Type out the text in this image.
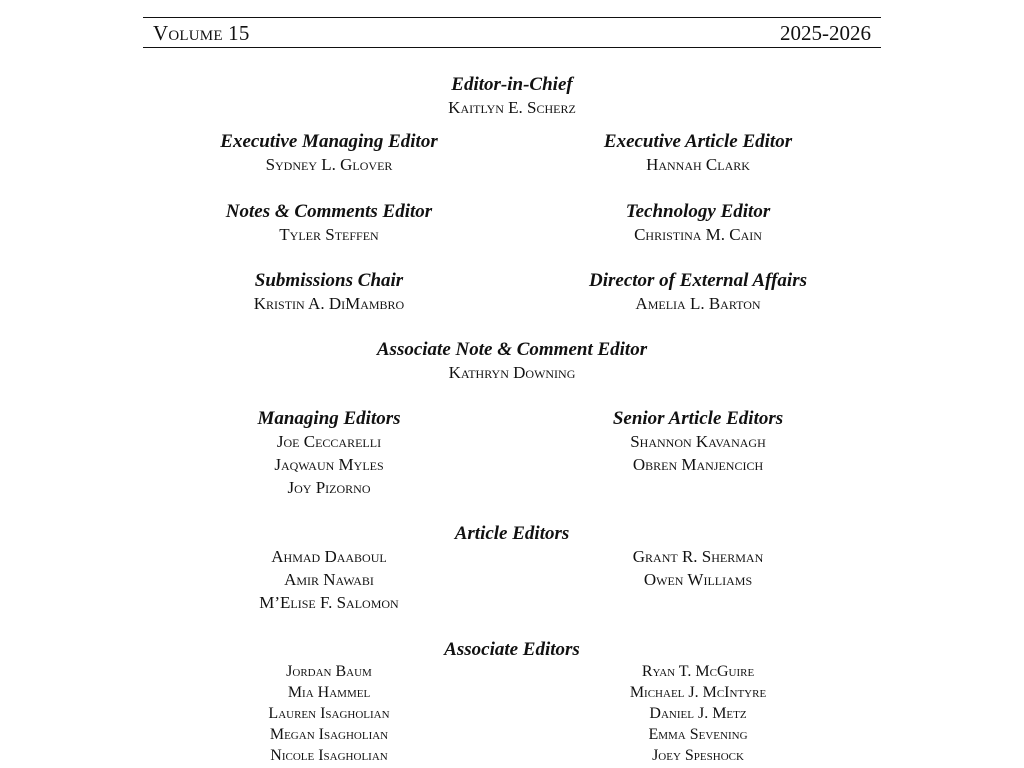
Volume 15	2025-2026
Editor-in-Chief
Kaitlyn E. Scherz
Executive Managing Editor
Sydney L. Glover
Executive Article Editor
Hannah Clark
Notes & Comments Editor
Tyler Steffen
Technology Editor
Christina M. Cain
Submissions Chair
Kristin A. DiMambro
Director of External Affairs
Amelia L. Barton
Associate Note & Comment Editor
Kathryn Downing
Managing Editors
Joe Ceccarelli
Jaqwaun Myles
Joy Pizorno
Senior Article Editors
Shannon Kavanagh
Obren Manjencich
Article Editors
Ahmad Daaboul
Amir Nawabi
M’Elise F. Salomon
Grant R. Sherman
Owen Williams
Associate Editors
Jordan Baum
Mia Hammel
Lauren Isagholian
Megan Isagholian
Nicole Isagholian
Ryan T. McGuire
Michael J. McIntyre
Daniel J. Metz
Emma Sevening
Joey Speshock
